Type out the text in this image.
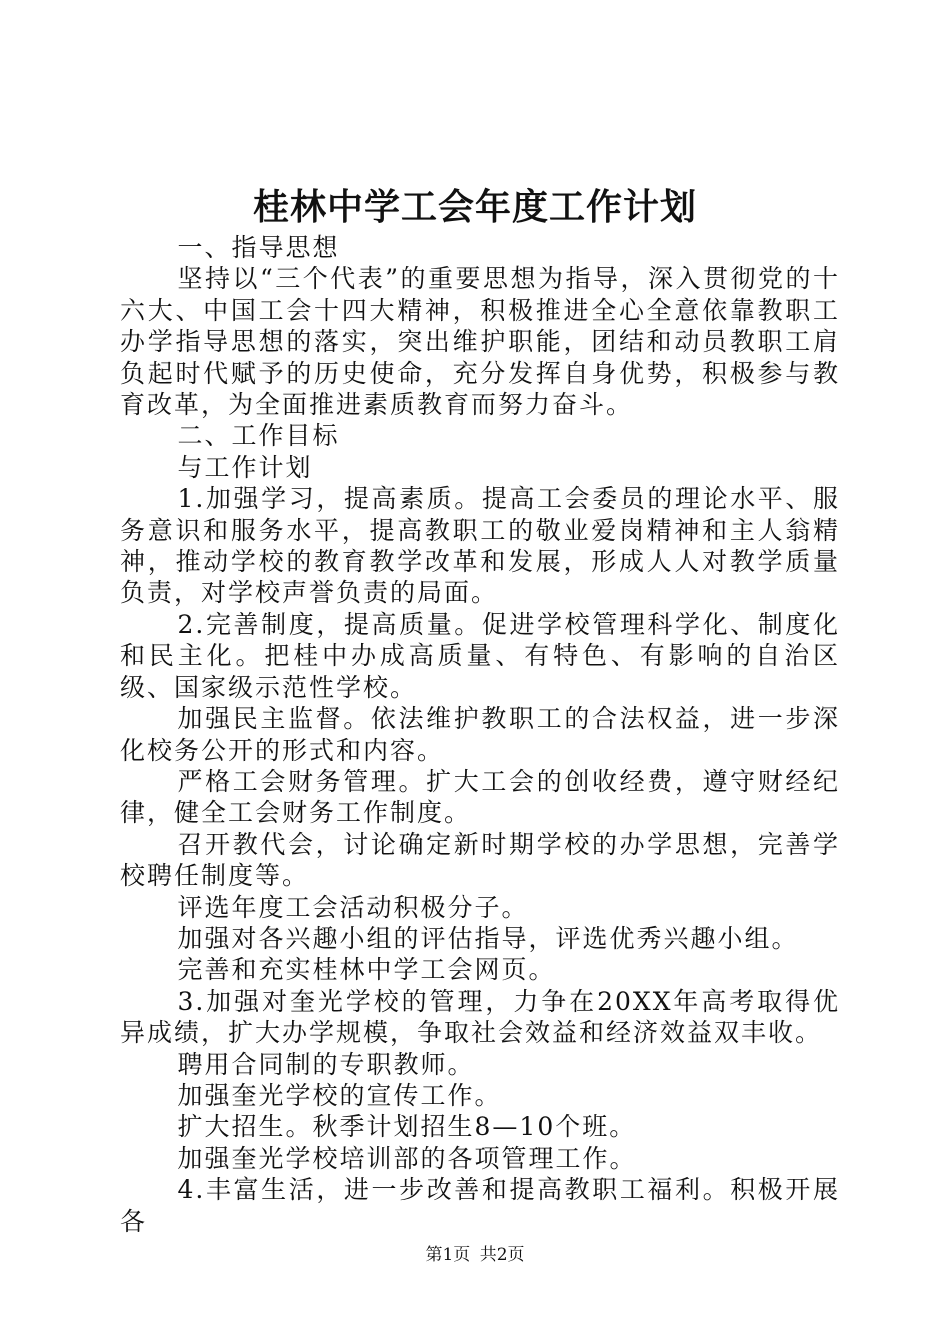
桂林中学工会年度工作计划

一、指导思想

坚持以“三个代表”的重要思想为指导，深入贯彻党的十六大、中国工会十四大精神，积极推进全心全意依靠教职工办学指导思想的落实，突出维护职能，团结和动员教职工肩负起时代赋予的历史使命，充分发挥自身优势，积极参与教育改革，为全面推进素质教育而努力奋斗。

二、工作目标

与工作计划

1.加强学习，提高素质。提高工会委员的理论水平、服务意识和服务水平，提高教职工的敬业爱岗精神和主人翁精神，推动学校的教育教学改革和发展，形成人人对教学质量负责，对学校声誉负责的局面。

2.完善制度，提高质量。促进学校管理科学化、制度化和民主化。把桂中办成高质量、有特色、有影响的自治区级、国家级示范性学校。

加强民主监督。依法维护教职工的合法权益，进一步深化校务公开的形式和内容。

严格工会财务管理。扩大工会的创收经费，遵守财经纪律，健全工会财务工作制度。

召开教代会，讨论确定新时期学校的办学思想，完善学校聘任制度等。

评选年度工会活动积极分子。

加强对各兴趣小组的评估指导，评选优秀兴趣小组。

完善和充实桂林中学工会网页。

3.加强对奎光学校的管理，力争在20XX年高考取得优异成绩，扩大办学规模，争取社会效益和经济效益双丰收。

聘用合同制的专职教师。

加强奎光学校的宣传工作。

扩大招生。秋季计划招生8—10个班。

加强奎光学校培训部的各项管理工作。

4.丰富生活，进一步改善和提高教职工福利。积极开展各

第1页 共2页
